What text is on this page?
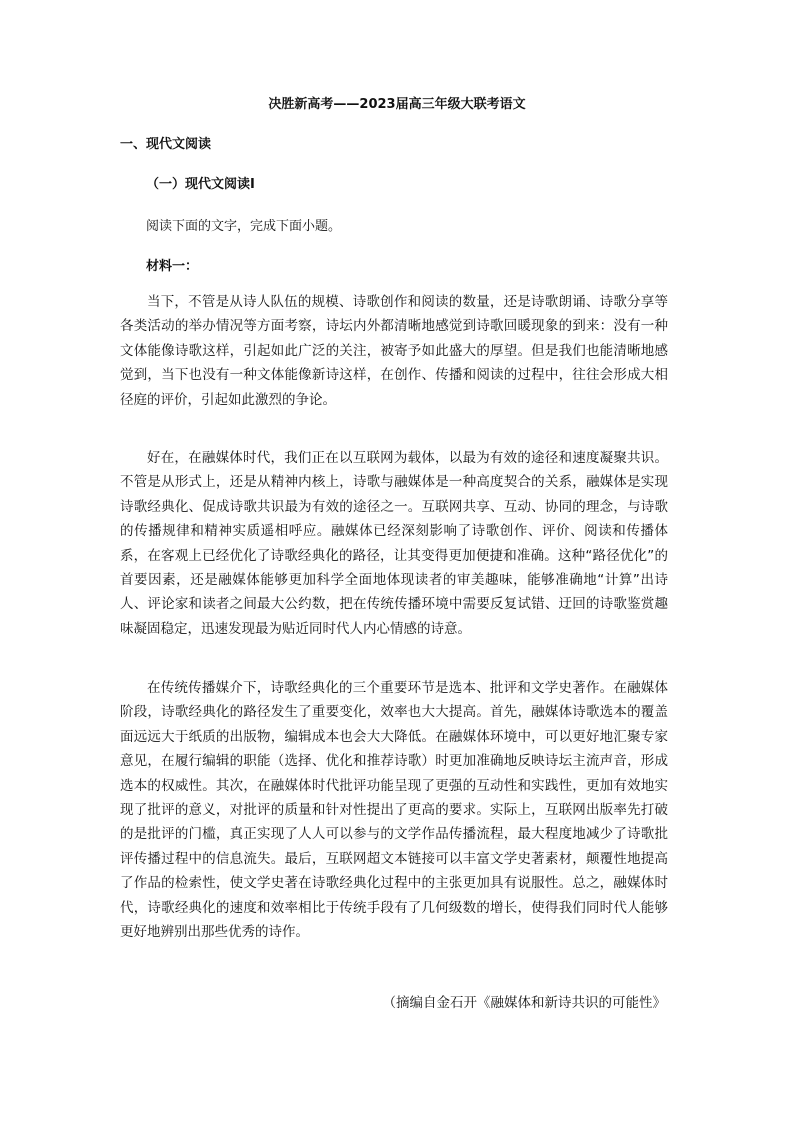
决胜新高考——2023届高三年级大联考语文
一、现代文阅读
（一）现代文阅读Ⅰ
阅读下面的文字，完成下面小题。
材料一：

当下，不管是从诗人队伍的规模、诗歌创作和阅读的数量，还是诗歌朗诵、诗歌分享等各类活动的举办情况等方面考察，诗坛内外都清晰地感觉到诗歌回暖现象的到来：没有一种文体能像诗歌这样，引起如此广泛的关注，被寄予如此盛大的厚望。但是我们也能清晰地感觉到，当下也没有一种文体能像新诗这样，在创作、传播和阅读的过程中，往往会形成大相径庭的评价，引起如此激烈的争论。

好在，在融媒体时代，我们正在以互联网为载体，以最为有效的途径和速度凝聚共识。不管是从形式上，还是从精神内核上，诗歌与融媒体是一种高度契合的关系，融媒体是实现诗歌经典化、促成诗歌共识最为有效的途径之一。互联网共享、互动、协同的理念，与诗歌的传播规律和精神实质遥相呼应。融媒体已经深刻影响了诗歌创作、评价、阅读和传播体系，在客观上已经优化了诗歌经典化的路径，让其变得更加便捷和准确。这种“路径优化”的首要因素，还是融媒体能够更加科学全面地体现读者的审美趣味，能够准确地“计算”出诗人、评论家和读者之间最大公约数，把在传统传播环境中需要反复试错、迂回的诗歌鉴赏趣味凝固稳定，迅速发现最为贴近同时代人内心情感的诗意。

在传统传播媒介下，诗歌经典化的三个重要环节是选本、批评和文学史著作。在融媒体阶段，诗歌经典化的路径发生了重要变化，效率也大大提高。首先，融媒体诗歌选本的覆盖面远远大于纸质的出版物，编辑成本也会大大降低。在融媒体环境中，可以更好地汇聚专家意见，在履行编辑的职能（选择、优化和推荐诗歌）时更加准确地反映诗坛主流声音，形成选本的权威性。其次，在融媒体时代批评功能呈现了更强的互动性和实践性，更加有效地实现了批评的意义，对批评的质量和针对性提出了更高的要求。实际上，互联网出版率先打破的是批评的门槛，真正实现了人人可以参与的文学作品传播流程，最大程度地减少了诗歌批评传播过程中的信息流失。最后，互联网超文本链接可以丰富文学史著素材，颠覆性地提高了作品的检索性，使文学史著在诗歌经典化过程中的主张更加具有说服性。总之，融媒体时代，诗歌经典化的速度和效率相比于传统手段有了几何级数的增长，使得我们同时代人能够更好地辨别出那些优秀的诗作。

（摘编自金石开《融媒体和新诗共识的可能性》
